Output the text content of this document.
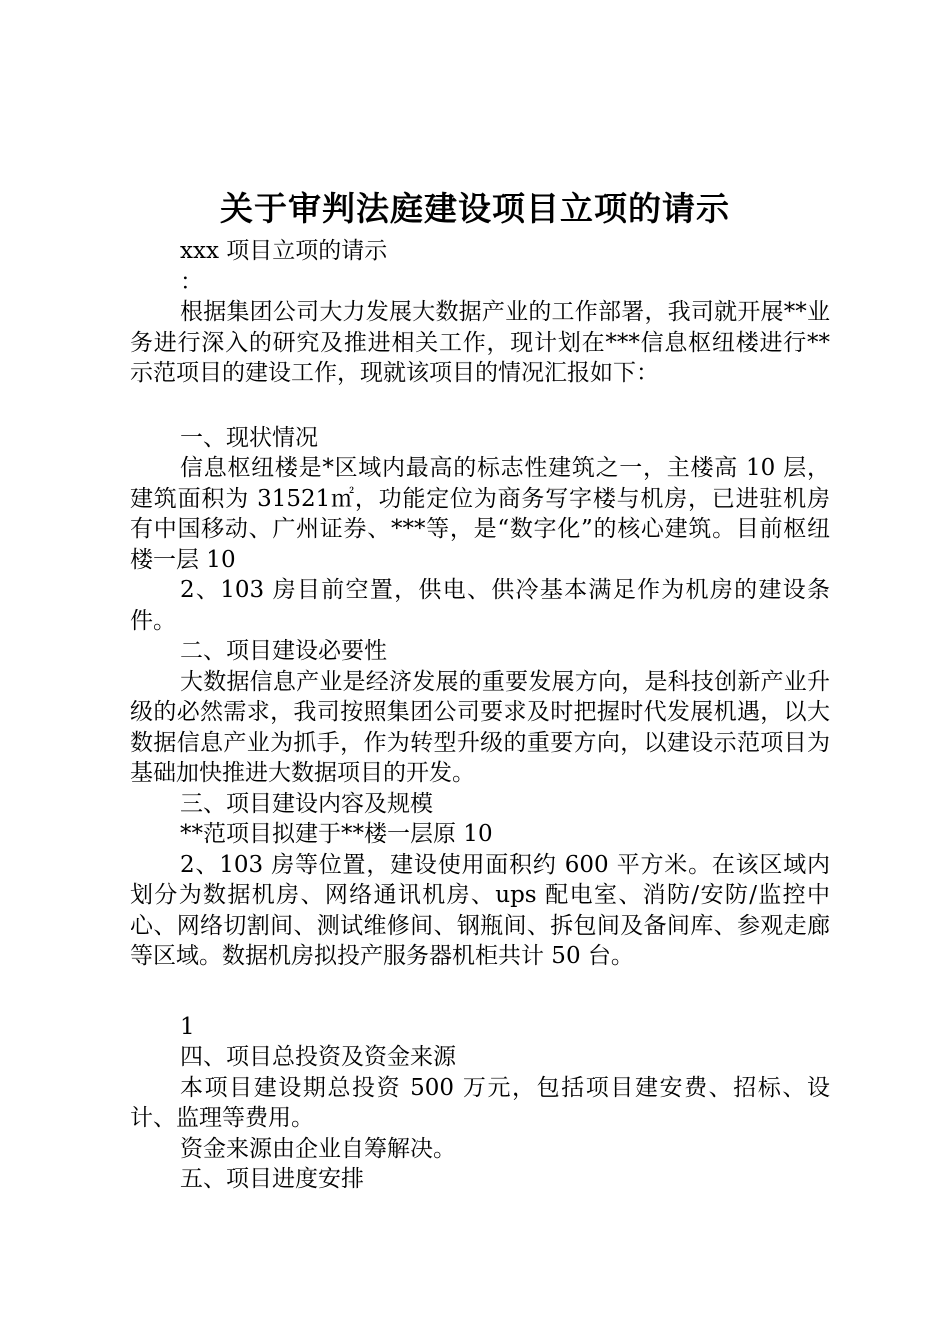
关于审判法庭建设项目立项的请示

xxx 项目立项的请示

：

根据集团公司大力发展大数据产业的工作部署，我司就开展**业务进行深入的研究及推进相关工作，现计划在***信息枢纽楼进行**示范项目的建设工作，现就该项目的情况汇报如下：

一、现状情况

信息枢纽楼是*区域内最高的标志性建筑之一，主楼高 10 层，建筑面积为 31521㎡，功能定位为商务写字楼与机房，已进驻机房有中国移动、广州证券、***等，是“数字化”的核心建筑。目前枢纽楼一层 10

2、103 房目前空置，供电、供冷基本满足作为机房的建设条件。

二、项目建设必要性

大数据信息产业是经济发展的重要发展方向，是科技创新产业升级的必然需求，我司按照集团公司要求及时把握时代发展机遇，以大数据信息产业为抓手，作为转型升级的重要方向，以建设示范项目为基础加快推进大数据项目的开发。

三、项目建设内容及规模

**范项目拟建于**楼一层原 10

2、103 房等位置，建设使用面积约 600 平方米。在该区域内划分为数据机房、网络通讯机房、ups 配电室、消防/安防/监控中心、网络切割间、测试维修间、钢瓶间、拆包间及备间库、参观走廊等区域。数据机房拟投产服务器机柜共计 50 台。

1

四、项目总投资及资金来源

本项目建设期总投资 500 万元，包括项目建安费、招标、设计、监理等费用。

资金来源由企业自筹解决。

五、项目进度安排
